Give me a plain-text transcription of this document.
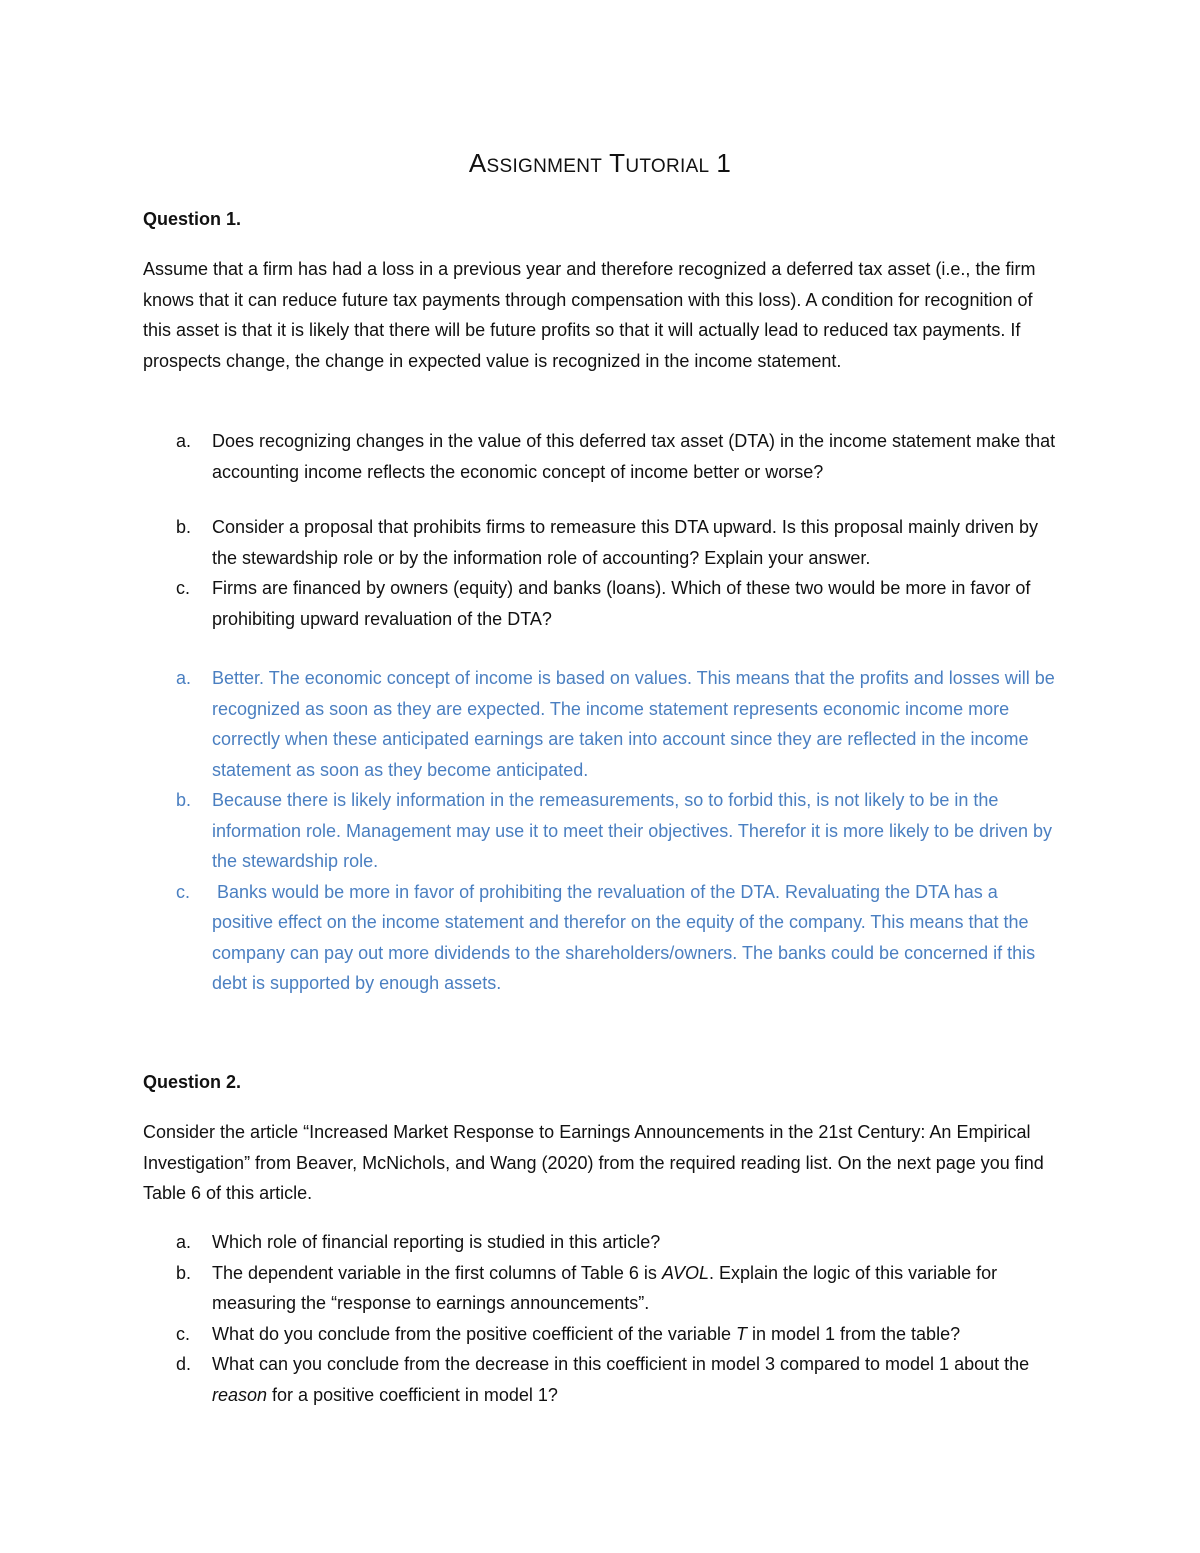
ASSIGNMENT TUTORIAL 1
Question 1.

Assume that a firm has had a loss in a previous year and therefore recognized a deferred tax asset (i.e., the firm knows that it can reduce future tax payments through compensation with this loss). A condition for recognition of this asset is that it is likely that there will be future profits so that it will actually lead to reduced tax payments. If prospects change, the change in expected value is recognized in the income statement.

a. Does recognizing changes in the value of this deferred tax asset (DTA) in the income statement make that accounting income reflects the economic concept of income better or worse?
b. Consider a proposal that prohibits firms to remeasure this DTA upward. Is this proposal mainly driven by the stewardship role or by the information role of accounting? Explain your answer.
c. Firms are financed by owners (equity) and banks (loans). Which of these two would be more in favor of prohibiting upward revaluation of the DTA?
a. Better. The economic concept of income is based on values. This means that the profits and losses will be recognized as soon as they are expected. The income statement represents economic income more correctly when these anticipated earnings are taken into account since they are reflected in the income statement as soon as they become anticipated.
b. Because there is likely information in the remeasurements, so to forbid this, is not likely to be in the information role. Management may use it to meet their objectives. Therefor it is more likely to be driven by the stewardship role.
c. Banks would be more in favor of prohibiting the revaluation of the DTA. Revaluating the DTA has a positive effect on the income statement and therefor on the equity of the company. This means that the company can pay out more dividends to the shareholders/owners. The banks could be concerned if this debt is supported by enough assets.
Question 2.

Consider the article “Increased Market Response to Earnings Announcements in the 21st Century: An Empirical Investigation” from Beaver, McNichols, and Wang (2020) from the required reading list. On the next page you find Table 6 of this article.

a. Which role of financial reporting is studied in this article?
b. The dependent variable in the first columns of Table 6 is AVOL. Explain the logic of this variable for measuring the “response to earnings announcements”.
c. What do you conclude from the positive coefficient of the variable T in model 1 from the table?
d. What can you conclude from the decrease in this coefficient in model 3 compared to model 1 about the reason for a positive coefficient in model 1?
